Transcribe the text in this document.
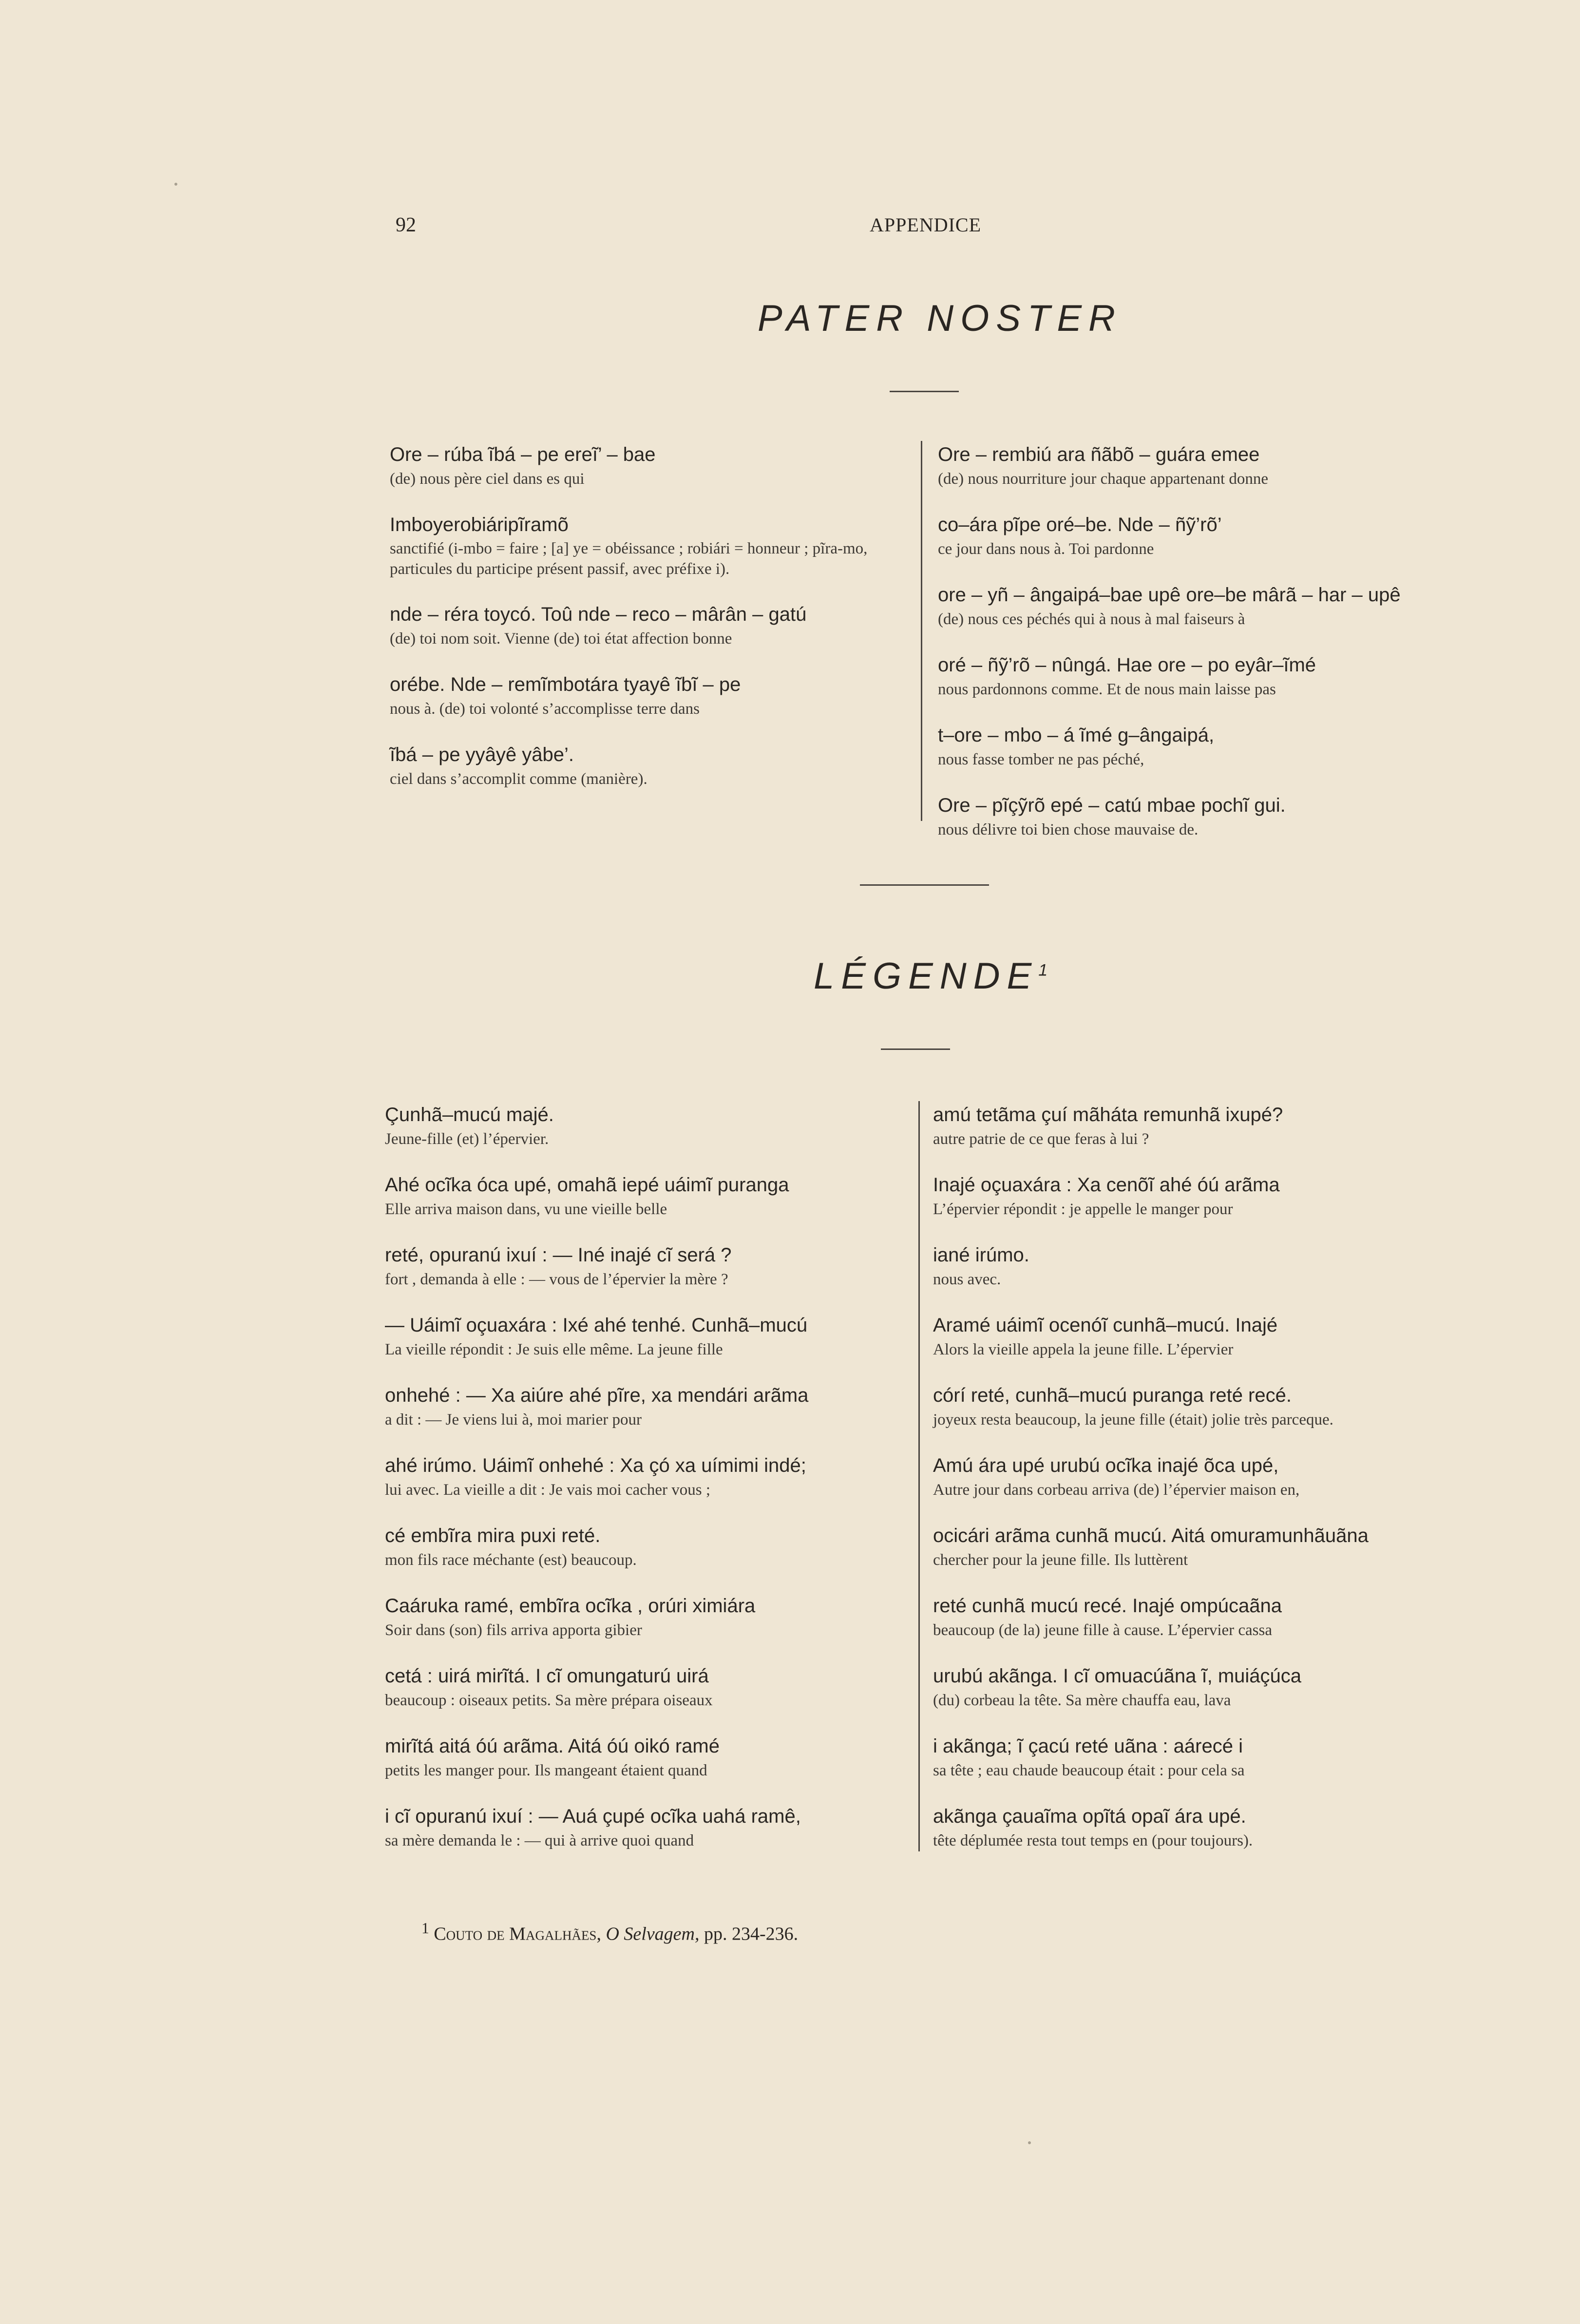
92	APPENDICE
PATER NOSTER
Ore – rúba ĩbá – pe ereĩ’ – bae
(de) nous père ciel dans es qui
Imboyerobiáripĩramõ
sanctifié (i-mbo = faire ; [a] ye = obéissance ; robiári = honneur ; pĩra-mo, particules du participe présent passif, avec préfixe i).
nde – réra toycó. Toû nde – reco – mârân – gatú
(de) toi nom soit. Vienne (de) toi état affection bonne
orébe. Nde – remĩmbotára tyayê ĩbĩ – pe
nous à. (de) toi volonté s’accomplisse terre dans
ĩbá – pe yyâyê yâbe’.
ciel dans s’accomplit comme (manière).
Ore – rembiú ara ñãbõ – guára emee
(de) nous nourriture jour chaque appartenant donne
co–ára pĩpe oré–be. Nde – ñỹ’rõ’
ce jour dans nous à. Toi pardonne
ore – yñ – ângaipá–bae upê ore–be mârã – har – upê
(de) nous ces péchés qui à nous à mal faiseurs à
oré – ñỹ’rõ – nûngá. Hae ore – po eyâr–ĩmé
nous pardonnons comme. Et de nous main laisse pas
t–ore – mbo – á ĩmé g–ângaipá,
nous fasse tomber ne pas péché,
Ore – pĩçỹrõ epé – catú mbae pochĩ gui.
nous délivre toi bien chose mauvaise de.
LÉGENDE$^1$
Çunhã–mucú majé.
Jeune-fille (et) l’épervier.
Ahé ocĩka óca upé, omahã iepé uáimĩ puranga
Elle arriva maison dans, vu une vieille belle
reté, opuranú ixuí : — Iné inajé cĩ será ?
fort , demanda à elle : — vous de l’épervier la mère ?
— Uáimĩ oçuaxára : Ixé ahé tenhé. Cunhã–mucú
La vieille répondit : Je suis elle même. La jeune fille
onhehé : — Xa aiúre ahé pĩre, xa mendári arãma
a dit : — Je viens lui à, moi marier pour
ahé irúmo. Uáimĩ onhehé : Xa çó xa uímimi indé;
lui avec. La vieille a dit : Je vais moi cacher vous ;
cé embĩra mira puxi reté.
mon fils race méchante (est) beaucoup.
Caáruka ramé, embĩra ocĩka , orúri ximiára
Soir dans (son) fils arriva apporta gibier
cetá : uirá mirĩtá. I cĩ omungaturú uirá
beaucoup : oiseaux petits. Sa mère prépara oiseaux
mirĩtá aitá óú arãma. Aitá óú oikó ramé
petits les manger pour. Ils mangeant étaient quand
i cĩ opuranú ixuí : — Auá çupé ocĩka uahá ramê,
sa mère demanda le : — qui à arrive quoi quand
amú tetãma çuí mãháta remunhã ixupé?
autre patrie de ce que feras à lui ?
Inajé oçuaxára : Xa cenõĩ ahé óú arãma
L’épervier répondit : je appelle le manger pour
iané irúmo.
nous avec.
Aramé uáimĩ ocenóĩ cunhã–mucú. Inajé
Alors la vieille appela la jeune fille. L’épervier
córí reté, cunhã–mucú puranga reté recé.
joyeux resta beaucoup, la jeune fille (était) jolie très parceque.
Amú ára upé urubú ocĩka inajé õca upé,
Autre jour dans corbeau arriva (de) l’épervier maison en,
ocicári arãma cunhã mucú. Aitá omuramunhãuãna
chercher pour la jeune fille. Ils luttèrent
reté cunhã mucú recé. Inajé ompúcaãna
beaucoup (de la) jeune fille à cause. L’épervier cassa
urubú akãnga. I cĩ omuacúãna ĩ, muiáçúca
(du) corbeau la tête. Sa mère chauffa eau, lava
i akãnga; ĩ çacú reté uãna : aárecé i
sa tête ; eau chaude beaucoup était : pour cela sa
akãnga çauaĩma opĩtá opaĩ ára upé.
tête déplumée resta tout temps en (pour toujours).
$^1$ Couto de Magalhães, O Selvagem, pp. 234-236.
